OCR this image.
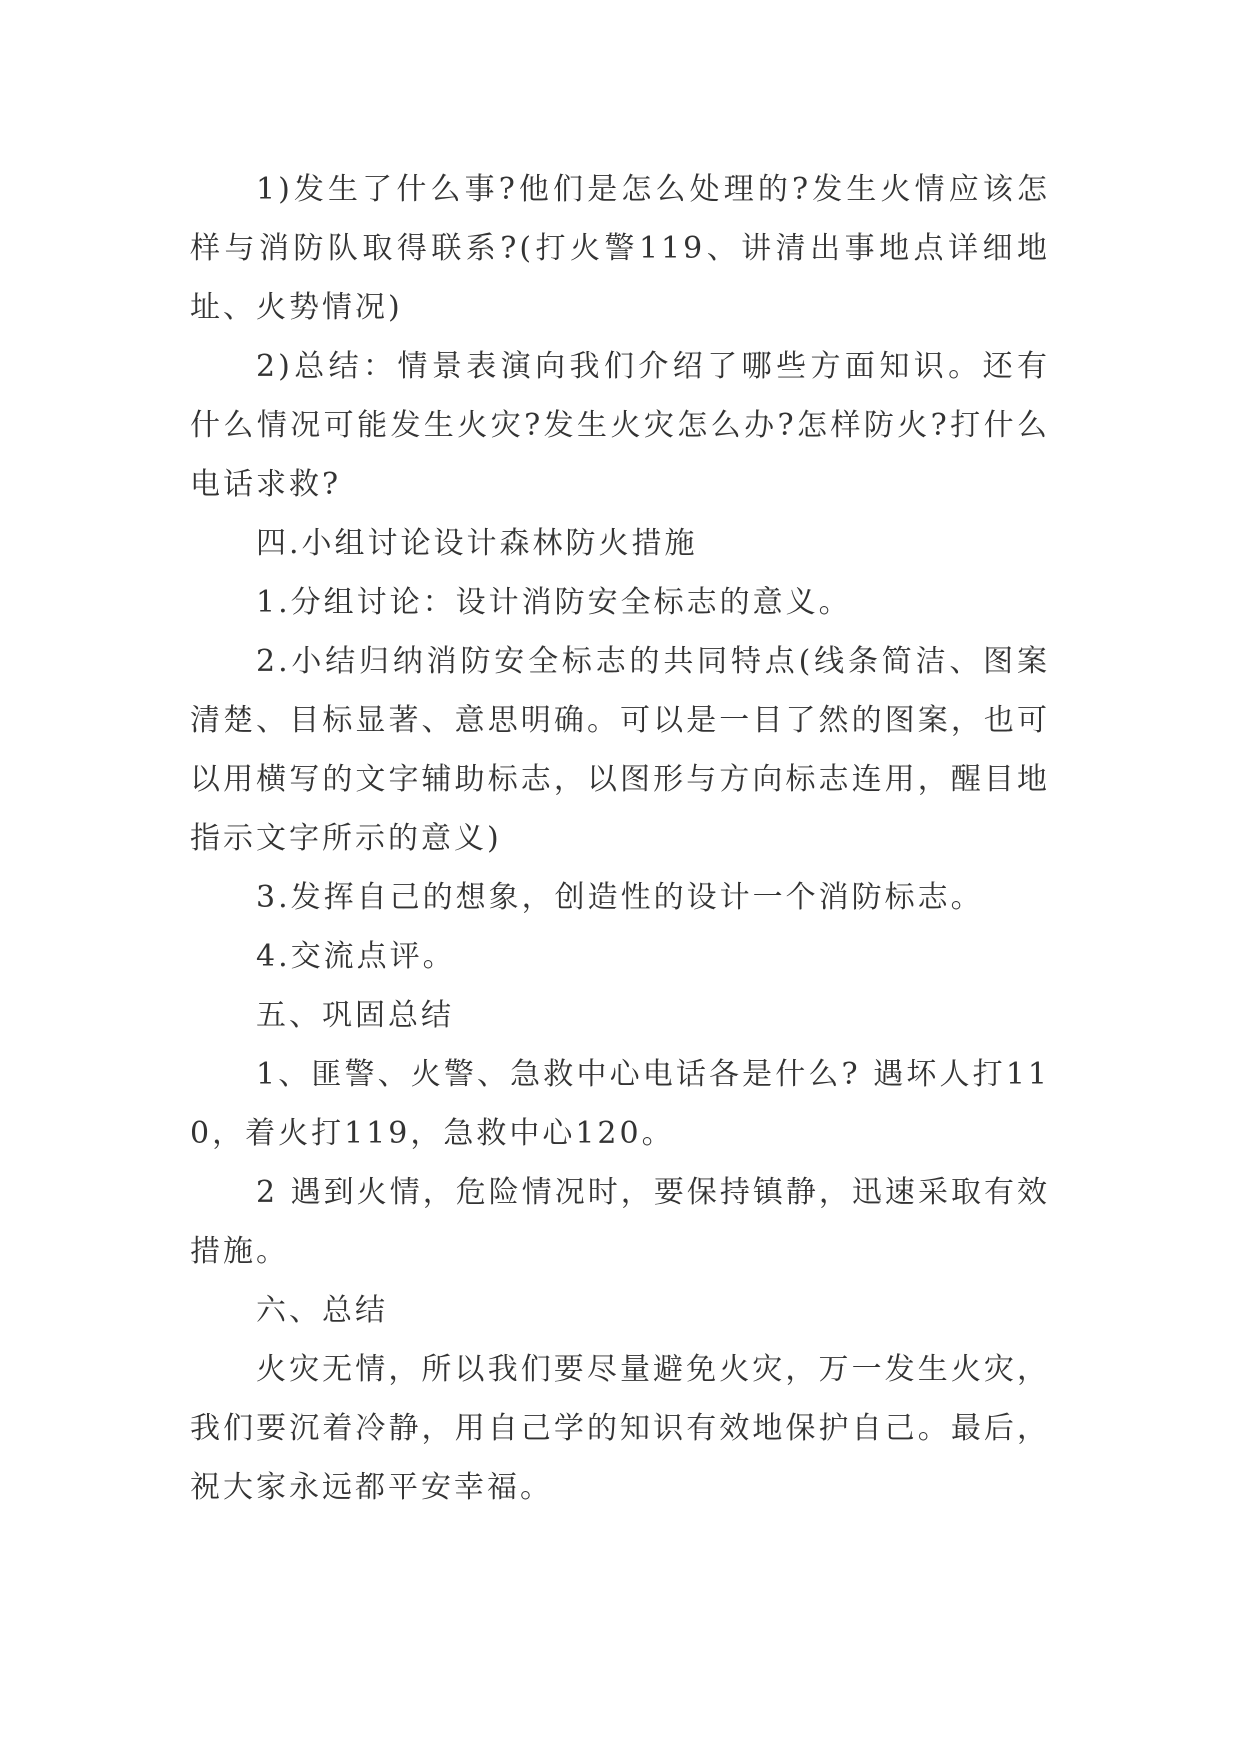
1)发生了什么事?他们是怎么处理的?发生火情应该怎样与消防队取得联系?(打火警119、讲清出事地点详细地址、火势情况)

2)总结：情景表演向我们介绍了哪些方面知识。还有什么情况可能发生火灾?发生火灾怎么办?怎样防火?打什么电话求救?

四.小组讨论设计森林防火措施

1.分组讨论：设计消防安全标志的意义。

2.小结归纳消防安全标志的共同特点(线条简洁、图案清楚、目标显著、意思明确。可以是一目了然的图案，也可以用横写的文字辅助标志，以图形与方向标志连用，醒目地指示文字所示的意义)

3.发挥自己的想象，创造性的设计一个消防标志。

4.交流点评。

五、巩固总结

1、匪警、火警、急救中心电话各是什么? 遇坏人打110，着火打119，急救中心120。

2 遇到火情，危险情况时，要保持镇静，迅速采取有效措施。

六、总结

火灾无情，所以我们要尽量避免火灾，万一发生火灾，我们要沉着冷静，用自己学的知识有效地保护自己。最后，祝大家永远都平安幸福。
